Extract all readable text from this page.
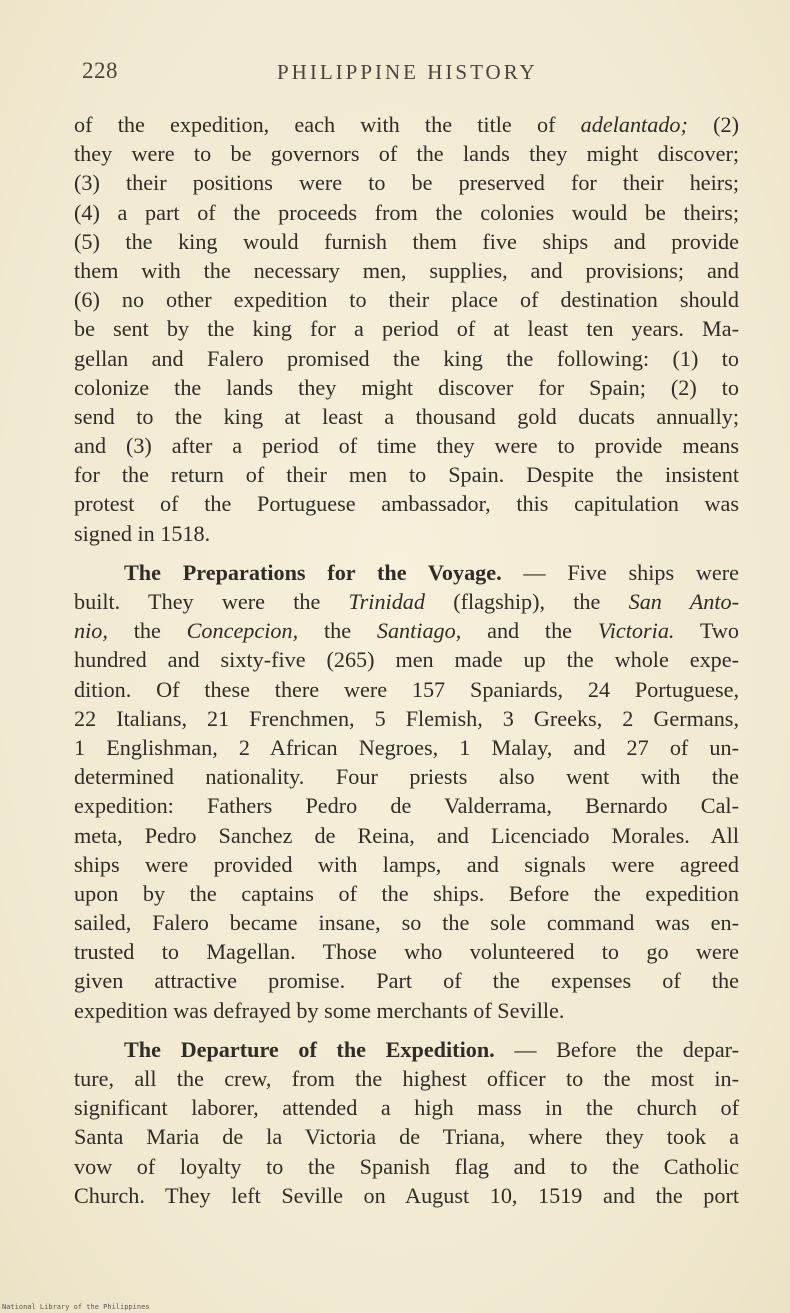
228	PHILIPPINE HISTORY
of the expedition, each with the title of adelantado; (2)
they were to be governors of the lands they might discover;
(3) their positions were to be preserved for their heirs;
(4) a part of the proceeds from the colonies would be theirs;
(5) the king would furnish them five ships and provide
them with the necessary men, supplies, and provisions; and
(6) no other expedition to their place of destination should
be sent by the king for a period of at least ten years. Ma-
gellan and Falero promised the king the following: (1) to
colonize the lands they might discover for Spain; (2) to
send to the king at least a thousand gold ducats annually;
and (3) after a period of time they were to provide means
for the return of their men to Spain. Despite the insistent
protest of the Portuguese ambassador, this capitulation was
signed in 1518.
The Preparations for the Voyage. — Five ships were
built. They were the Trinidad (flagship), the San Anto-
nio, the Concepcion, the Santiago, and the Victoria. Two
hundred and sixty-five (265) men made up the whole expe-
dition. Of these there were 157 Spaniards, 24 Portuguese,
22 Italians, 21 Frenchmen, 5 Flemish, 3 Greeks, 2 Germans,
1 Englishman, 2 African Negroes, 1 Malay, and 27 of un-
determined nationality. Four priests also went with the
expedition: Fathers Pedro de Valderrama, Bernardo Cal-
meta, Pedro Sanchez de Reina, and Licenciado Morales. All
ships were provided with lamps, and signals were agreed
upon by the captains of the ships. Before the expedition
sailed, Falero became insane, so the sole command was en-
trusted to Magellan. Those who volunteered to go were
given attractive promise. Part of the expenses of the
expedition was defrayed by some merchants of Seville.
The Departure of the Expedition. — Before the depar-
ture, all the crew, from the highest officer to the most in-
significant laborer, attended a high mass in the church of
Santa Maria de la Victoria de Triana, where they took a
vow of loyalty to the Spanish flag and to the Catholic
Church. They left Seville on August 10, 1519 and the port
National Library of the Philippines
